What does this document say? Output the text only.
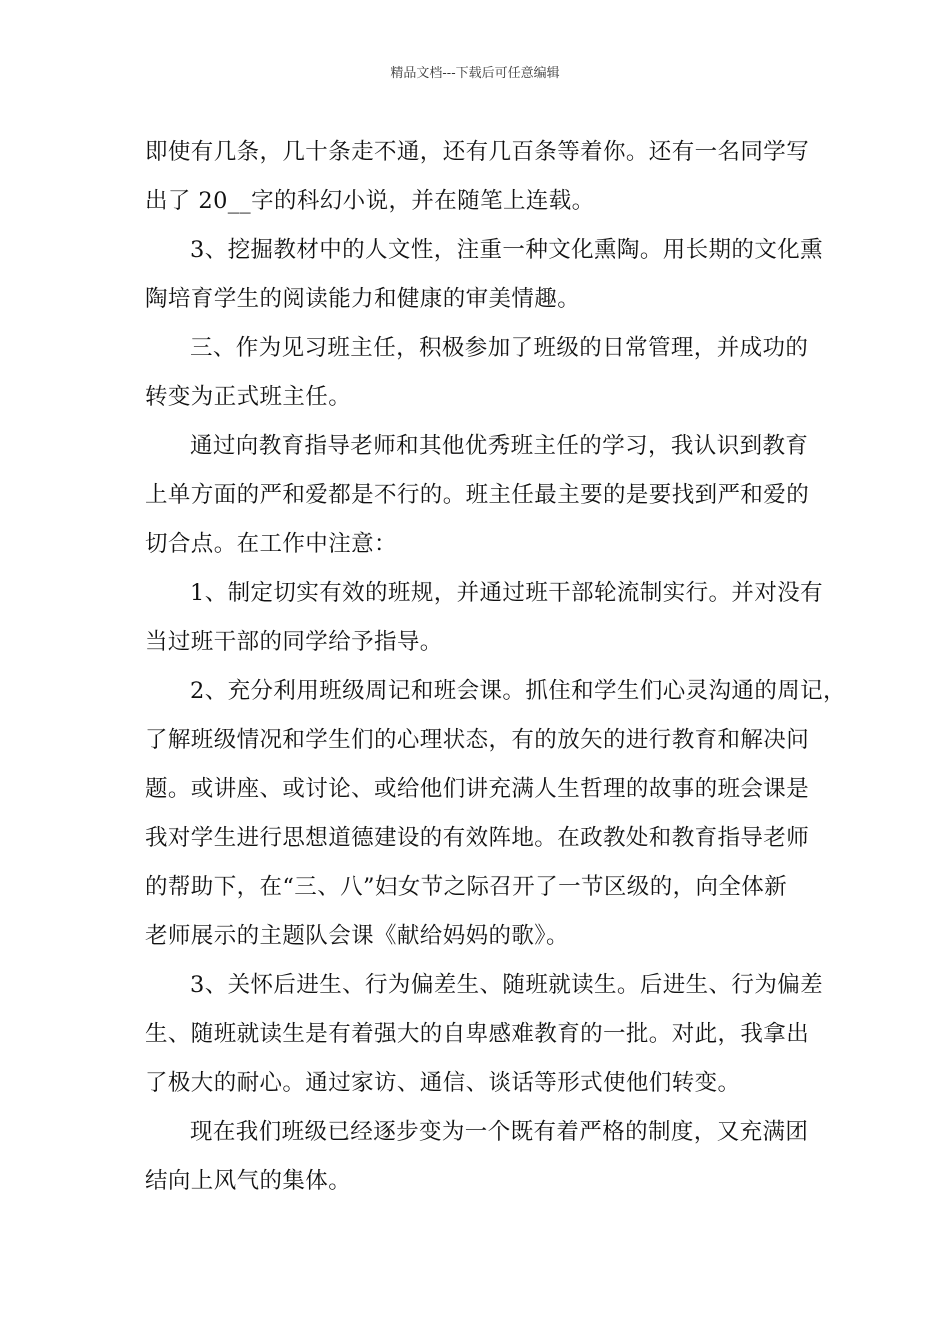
精品文档---下载后可任意编辑

即使有几条，几十条走不通，还有几百条等着你。还有一名同学写
出了 20__字的科幻小说，并在随笔上连载。

3、挖掘教材中的人文性，注重一种文化熏陶。用长期的文化熏
陶培育学生的阅读能力和健康的审美情趣。

三、作为见习班主任，积极参加了班级的日常管理，并成功的
转变为正式班主任。

通过向教育指导老师和其他优秀班主任的学习，我认识到教育
上单方面的严和爱都是不行的。班主任最主要的是要找到严和爱的
切合点。在工作中注意：

1、制定切实有效的班规，并通过班干部轮流制实行。并对没有
当过班干部的同学给予指导。

2、充分利用班级周记和班会课。抓住和学生们心灵沟通的周记，
了解班级情况和学生们的心理状态，有的放矢的进行教育和解决问
题。或讲座、或讨论、或给他们讲充满人生哲理的故事的班会课是
我对学生进行思想道德建设的有效阵地。在政教处和教育指导老师
的帮助下，在“三、八”妇女节之际召开了一节区级的，向全体新
老师展示的主题队会课《献给妈妈的歌》。

3、关怀后进生、行为偏差生、随班就读生。后进生、行为偏差
生、随班就读生是有着强大的自卑感难教育的一批。对此，我拿出
了极大的耐心。通过家访、通信、谈话等形式使他们转变。

现在我们班级已经逐步变为一个既有着严格的制度，又充满团
结向上风气的集体。
